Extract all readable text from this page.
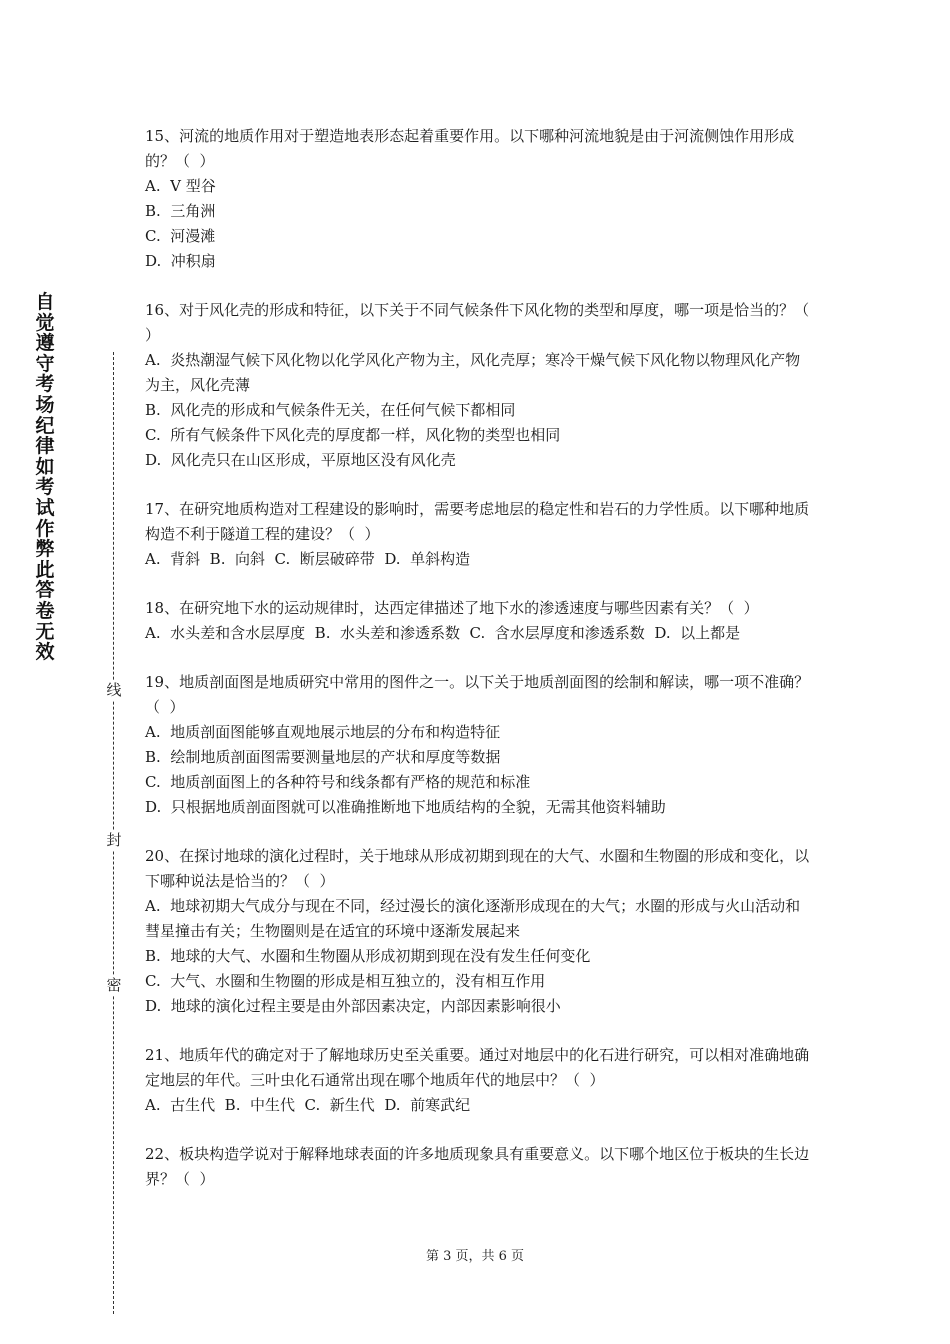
自觉遵守考场纪律如考试作弊此答卷无效
线
封
密

15、河流的地质作用对于塑造地表形态起着重要作用。以下哪种河流地貌是由于河流侧蚀作用形成的？（  ）

A.  V 型谷

B.  三角洲

C.  河漫滩

D.  冲积扇

16、对于风化壳的形成和特征，以下关于不同气候条件下风化物的类型和厚度，哪一项是恰当的？（  ）

A.  炎热潮湿气候下风化物以化学风化产物为主，风化壳厚；寒冷干燥气候下风化物以物理风化产物为主，风化壳薄

B.  风化壳的形成和气候条件无关，在任何气候下都相同

C.  所有气候条件下风化壳的厚度都一样，风化物的类型也相同

D.  风化壳只在山区形成，平原地区没有风化壳

17、在研究地质构造对工程建设的影响时，需要考虑地层的稳定性和岩石的力学性质。以下哪种地质构造不利于隧道工程的建设？（  ）

A.  背斜  B.  向斜  C.  断层破碎带  D.  单斜构造

18、在研究地下水的运动规律时，达西定律描述了地下水的渗透速度与哪些因素有关？（  ）

A.  水头差和含水层厚度  B.  水头差和渗透系数  C.  含水层厚度和渗透系数  D.  以上都是

19、地质剖面图是地质研究中常用的图件之一。以下关于地质剖面图的绘制和解读，哪一项不准确？（  ）

A.  地质剖面图能够直观地展示地层的分布和构造特征

B.  绘制地质剖面图需要测量地层的产状和厚度等数据

C.  地质剖面图上的各种符号和线条都有严格的规范和标准

D.  只根据地质剖面图就可以准确推断地下地质结构的全貌，无需其他资料辅助

20、在探讨地球的演化过程时，关于地球从形成初期到现在的大气、水圈和生物圈的形成和变化，以下哪种说法是恰当的？（  ）

A.  地球初期大气成分与现在不同，经过漫长的演化逐渐形成现在的大气；水圈的形成与火山活动和彗星撞击有关；生物圈则是在适宜的环境中逐渐发展起来

B.  地球的大气、水圈和生物圈从形成初期到现在没有发生任何变化

C.  大气、水圈和生物圈的形成是相互独立的，没有相互作用

D.  地球的演化过程主要是由外部因素决定，内部因素影响很小

21、地质年代的确定对于了解地球历史至关重要。通过对地层中的化石进行研究，可以相对准确地确定地层的年代。三叶虫化石通常出现在哪个地质年代的地层中？（  ）

A.  古生代  B.  中生代  C.  新生代  D.  前寒武纪

22、板块构造学说对于解释地球表面的许多地质现象具有重要意义。以下哪个地区位于板块的生长边界？（  ）

第 3 页，共 6 页
